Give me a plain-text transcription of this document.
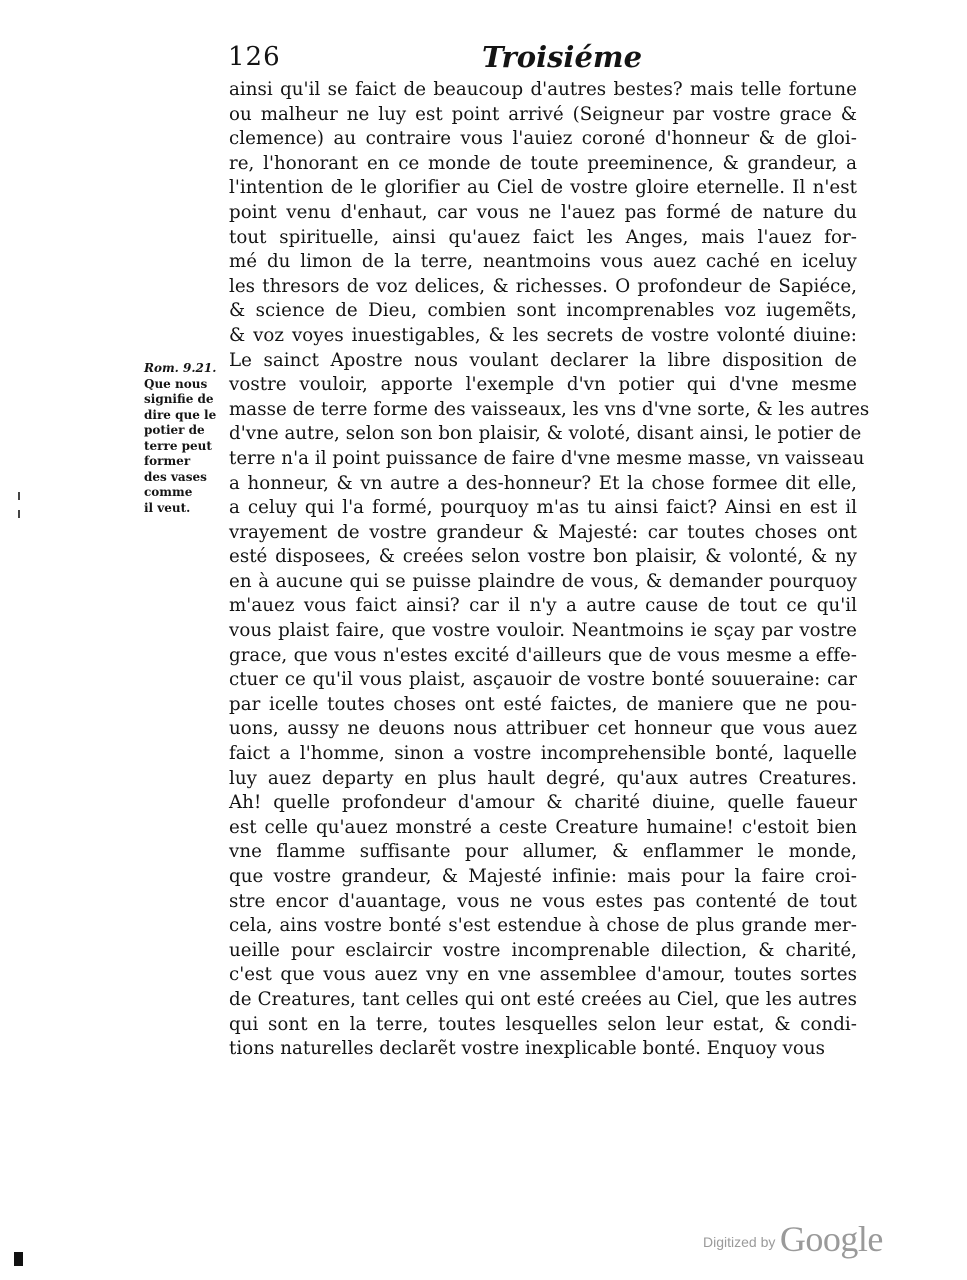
126	Troisiéme
Rom. 9.21.
Que nous
signifie de
dire que le
potier de
terre peut
former
des vases
comme
il veut.
ainsi qu'il se faict de beaucoup d'autres bestes? mais telle fortune
ou malheur ne luy est point arrivé (Seigneur par vostre grace &
clemence) au contraire vous l'auiez coroné d'honneur & de gloi-
re, l'honorant en ce monde de toute preeminence, & grandeur, a
l'intention de le glorifier au Ciel de vostre gloire eternelle. Il n'est
point venu d'enhaut, car vous ne l'auez pas formé de nature du
tout spirituelle, ainsi qu'auez faict les Anges, mais l'auez for-
mé du limon de la terre, neantmoins vous auez caché en iceluy
les thresors de voz delices, & richesses. O profondeur de Sapiéce,
& science de Dieu, combien sont incomprenables voz iugemẽts,
& voz voyes inuestigables, & les secrets de vostre volonté diuine:
Le sainct Apostre nous voulant declarer la libre disposition de
vostre vouloir, apporte l'exemple d'vn potier qui d'vne mesme
masse de terre forme des vaisseaux, les vns d'vne sorte, & les autres
d'vne autre, selon son bon plaisir, & voloté, disant ainsi, le potier de
terre n'a il point puissance de faire d'vne mesme masse, vn vaisseau
a honneur, & vn autre a des-honneur? Et la chose formee dit elle,
a celuy qui l'a formé, pourquoy m'as tu ainsi faict? Ainsi en est il
vrayement de vostre grandeur & Majesté: car toutes choses ont
esté disposees, & creées selon vostre bon plaisir, & volonté, & ny
en à aucune qui se puisse plaindre de vous, & demander pourquoy
m'auez vous faict ainsi? car il n'y a autre cause de tout ce qu'il
vous plaist faire, que vostre vouloir. Neantmoins ie sçay par vostre
grace, que vous n'estes excité d'ailleurs que de vous mesme a effe-
ctuer ce qu'il vous plaist, asçauoir de vostre bonté souueraine: car
par icelle toutes choses ont esté faictes, de maniere que ne pou-
uons, aussy ne deuons nous attribuer cet honneur que vous auez
faict a l'homme, sinon a vostre incomprehensible bonté, laquelle
luy auez departy en plus hault degré, qu'aux autres Creatures.
Ah! quelle profondeur d'amour & charité diuine, quelle faueur
est celle qu'auez monstré a ceste Creature humaine! c'estoit bien
vne flamme suffisante pour allumer, & enflammer le monde,
que vostre grandeur, & Majesté infinie: mais pour la faire croi-
stre encor d'auantage, vous ne vous estes pas contenté de tout
cela, ains vostre bonté s'est estendue à chose de plus grande mer-
ueille pour esclaircir vostre incomprenable dilection, & charité,
c'est que vous auez vny en vne assemblee d'amour, toutes sortes
de Creatures, tant celles qui ont esté creées au Ciel, que les autres
qui sont en la terre, toutes lesquelles selon leur estat, & condi-
tions naturelles declarẽt vostre inexplicable bonté. Enquoy vous
Digitized by Google
